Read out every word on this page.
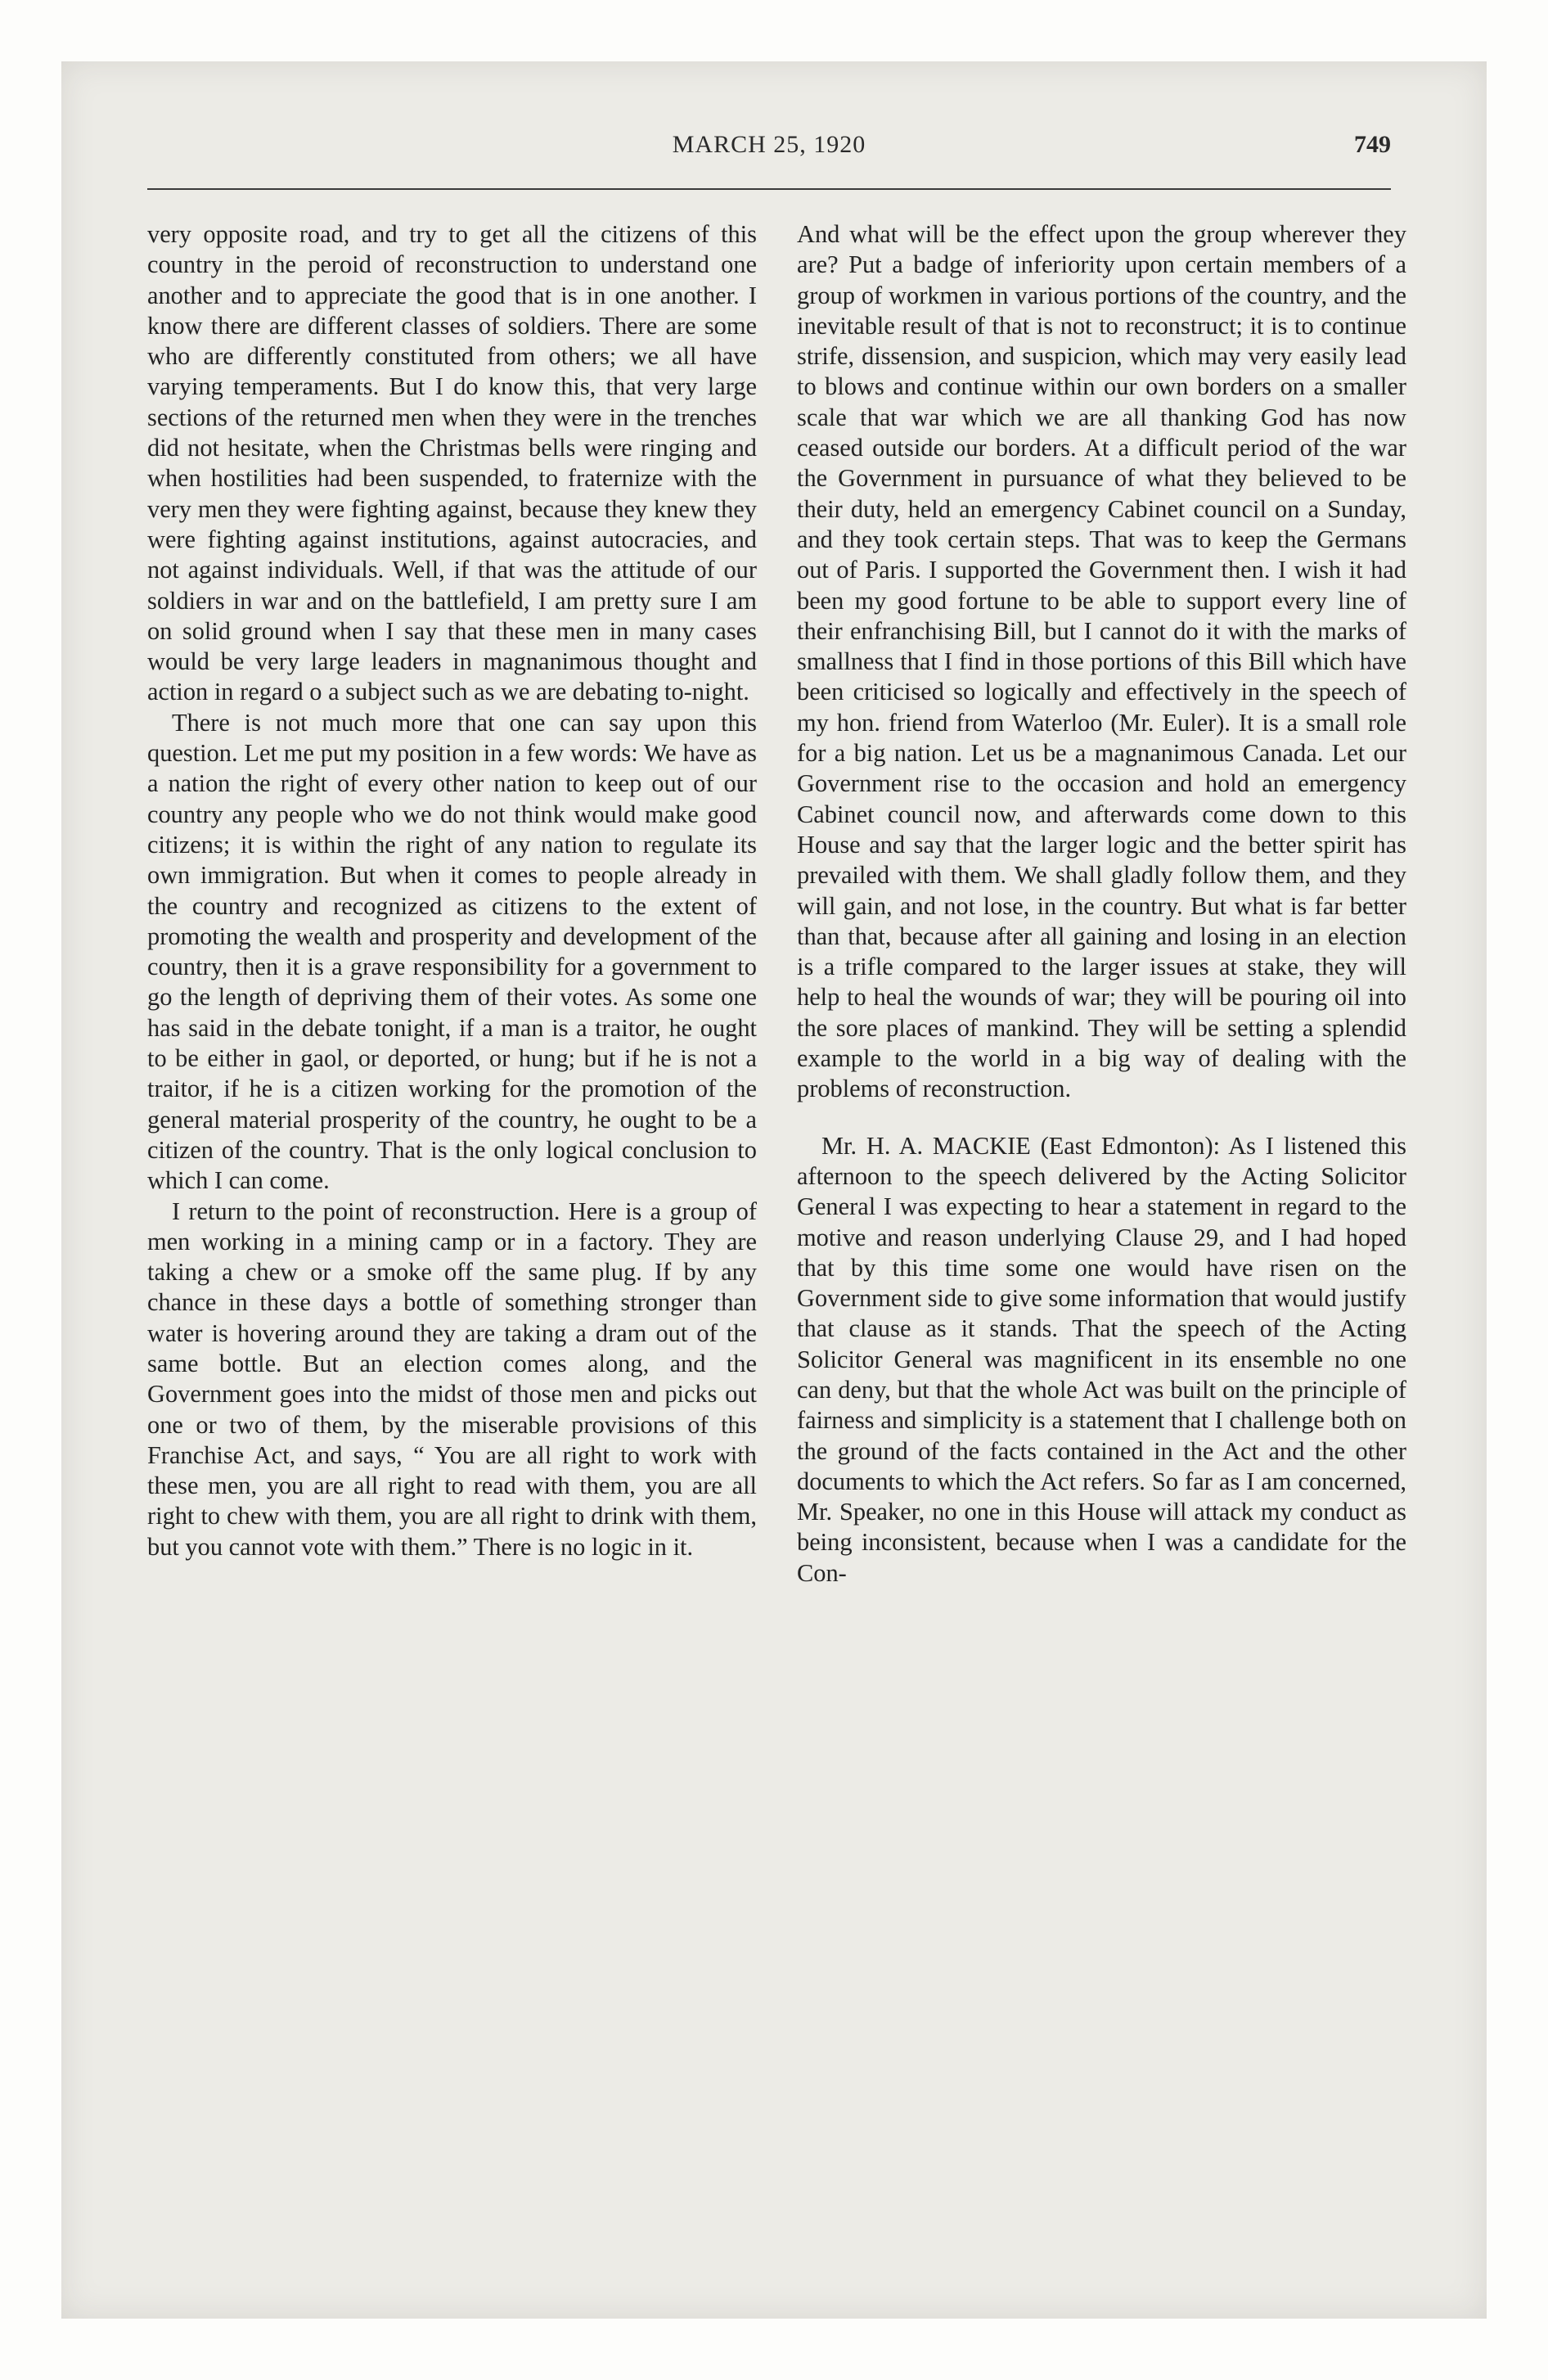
MARCH 25, 1920	749

very opposite road, and try to get all the citizens of this country in the peroid of reconstruction to understand one another and to appreciate the good that is in one another. I know there are different classes of soldiers. There are some who are differently constituted from others; we all have varying temperaments. But I do know this, that very large sections of the returned men when they were in the trenches did not hesitate, when the Christmas bells were ringing and when hostilities had been suspended, to fraternize with the very men they were fighting against, because they knew they were fighting against institutions, against autocracies, and not against individuals. Well, if that was the attitude of our soldiers in war and on the battlefield, I am pretty sure I am on solid ground when I say that these men in many cases would be very large leaders in magnanimous thought and action in regard o a subject such as we are debating to-night.

There is not much more that one can say upon this question. Let me put my position in a few words: We have as a nation the right of every other nation to keep out of our country any people who we do not think would make good citizens; it is within the right of any nation to regulate its own immigration. But when it comes to people already in the country and recognized as citizens to the extent of promoting the wealth and prosperity and development of the country, then it is a grave responsibility for a government to go the length of depriving them of their votes. As some one has said in the debate tonight, if a man is a traitor, he ought to be either in gaol, or deported, or hung; but if he is not a traitor, if he is a citizen working for the promotion of the general material prosperity of the country, he ought to be a citizen of the country. That is the only logical conclusion to which I can come.

I return to the point of reconstruction. Here is a group of men working in a mining camp or in a factory. They are taking a chew or a smoke off the same plug. If by any chance in these days a bottle of something stronger than water is hovering around they are taking a dram out of the same bottle. But an election comes along, and the Government goes into the midst of those men and picks out one or two of them, by the miserable provisions of this Franchise Act, and says, “ You are all right to work with these men, you are all right to read with them, you are all right to chew with them, you are all right to drink with them, but you cannot vote with them.” There is no logic in it.

And what will be the effect upon the group wherever they are? Put a badge of inferiority upon certain members of a group of workmen in various portions of the country, and the inevitable result of that is not to reconstruct; it is to continue strife, dissension, and suspicion, which may very easily lead to blows and continue within our own borders on a smaller scale that war which we are all thanking God has now ceased outside our borders. At a difficult period of the war the Government in pursuance of what they believed to be their duty, held an emergency Cabinet council on a Sunday, and they took certain steps. That was to keep the Germans out of Paris. I supported the Government then. I wish it had been my good fortune to be able to support every line of their enfranchising Bill, but I cannot do it with the marks of smallness that I find in those portions of this Bill which have been criticised so logically and effectively in the speech of my hon. friend from Waterloo (Mr. Euler). It is a small role for a big nation. Let us be a magnanimous Canada. Let our Government rise to the occasion and hold an emergency Cabinet council now, and afterwards come down to this House and say that the larger logic and the better spirit has prevailed with them. We shall gladly follow them, and they will gain, and not lose, in the country. But what is far better than that, because after all gaining and losing in an election is a trifle compared to the larger issues at stake, they will help to heal the wounds of war; they will be pouring oil into the sore places of mankind. They will be setting a splendid example to the world in a big way of dealing with the problems of reconstruction.

Mr. H. A. MACKIE (East Edmonton): As I listened this afternoon to the speech delivered by the Acting Solicitor General I was expecting to hear a statement in regard to the motive and reason underlying Clause 29, and I had hoped that by this time some one would have risen on the Government side to give some information that would justify that clause as it stands. That the speech of the Acting Solicitor General was magnificent in its ensemble no one can deny, but that the whole Act was built on the principle of fairness and simplicity is a statement that I challenge both on the ground of the facts contained in the Act and the other documents to which the Act refers. So far as I am concerned, Mr. Speaker, no one in this House will attack my conduct as being inconsistent, because when I was a candidate for the Con-
